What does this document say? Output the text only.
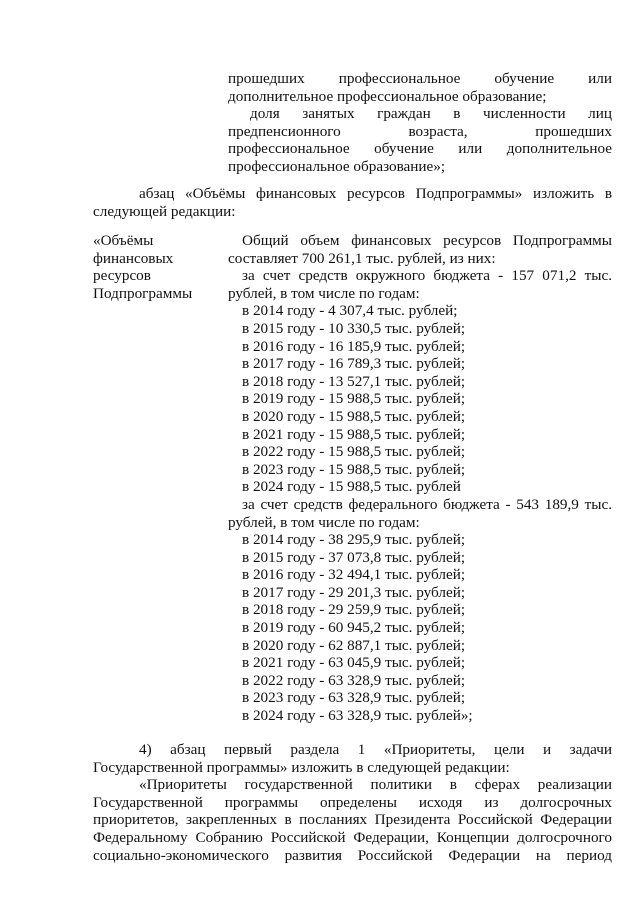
прошедших профессиональное обучение или
дополнительное профессиональное образование;
доля занятых граждан в численности лиц
предпенсионного возраста, прошедших
профессиональное обучение или дополнительное
профессиональное образование»;
абзац «Объёмы финансовых ресурсов Подпрограммы» изложить в
следующей редакции:
«Объёмы
финансовых
ресурсов
Подпрограммы
Общий объем финансовых ресурсов Подпрограммы
составляет 700 261,1 тыс. рублей, из них:
за счет средств окружного бюджета - 157 071,2 тыс.
рублей, в том числе по годам:
в 2014 году - 4 307,4 тыс. рублей;
в 2015 году - 10 330,5 тыс. рублей;
в 2016 году - 16 185,9 тыс. рублей;
в 2017 году - 16 789,3 тыс. рублей;
в 2018 году - 13 527,1 тыс. рублей;
в 2019 году - 15 988,5 тыс. рублей;
в 2020 году - 15 988,5 тыс. рублей;
в 2021 году - 15 988,5 тыс. рублей;
в 2022 году - 15 988,5 тыс. рублей;
в 2023 году - 15 988,5 тыс. рублей;
в 2024 году - 15 988,5 тыс. рублей
за счет средств федерального бюджета - 543 189,9 тыс.
рублей, в том числе по годам:
в 2014 году - 38 295,9 тыс. рублей;
в 2015 году - 37 073,8 тыс. рублей;
в 2016 году - 32 494,1 тыс. рублей;
в 2017 году - 29 201,3 тыс. рублей;
в 2018 году - 29 259,9 тыс. рублей;
в 2019 году - 60 945,2 тыс. рублей;
в 2020 году - 62 887,1 тыс. рублей;
в 2021 году - 63 045,9 тыс. рублей;
в 2022 году - 63 328,9 тыс. рублей;
в 2023 году - 63 328,9 тыс. рублей;
в 2024 году - 63 328,9 тыс. рублей»;
4) абзац первый раздела 1 «Приоритеты, цели и задачи
Государственной программы» изложить в следующей редакции:
«Приоритеты государственной политики в сферах реализации
Государственной программы определены исходя из долгосрочных
приоритетов, закрепленных в посланиях Президента Российской Федерации
Федеральному Собранию Российской Федерации, Концепции долгосрочного
социально-экономического развития Российской Федерации на период
